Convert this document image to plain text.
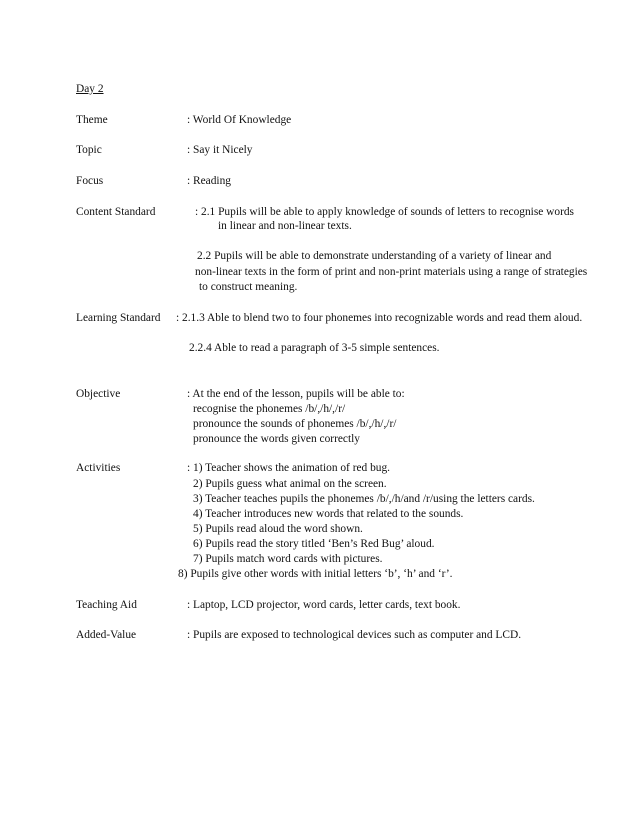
Day 2
Theme	: World Of Knowledge
Topic	: Say it Nicely
Focus	: Reading
Content Standard	: 2.1 Pupils will be able to apply knowledge of sounds of letters to recognise words
in linear and non-linear texts.
2.2 Pupils will be able to demonstrate understanding of a variety of linear and
non-linear texts in the form of print and non-print materials using a range of strategies
to construct meaning.
Learning Standard : 2.1.3 Able to blend two to four phonemes into recognizable words and read them aloud.
2.2.4 Able to read a paragraph of 3-5 simple sentences.
Objective	: At the end of the lesson, pupils will be able to:
recognise the phonemes /b/,/h/,/r/
pronounce the sounds of phonemes /b/,/h/,/r/
pronounce the words given correctly
Activities	: 1) Teacher shows the animation of red bug.
2) Pupils guess what animal on the screen.
3) Teacher teaches pupils the phonemes /b/,/h/and /r/using the letters cards.
4) Teacher introduces new words that related to the sounds.
5) Pupils read aloud the word shown.
6) Pupils read the story titled ‘Ben’s Red Bug’ aloud.
7) Pupils match word cards with pictures.
8) Pupils give other words with initial letters ‘b’, ‘h’ and ‘r’.
Teaching Aid	: Laptop, LCD projector, word cards, letter cards, text book.
Added-Value	: Pupils are exposed to technological devices such as computer and LCD.
